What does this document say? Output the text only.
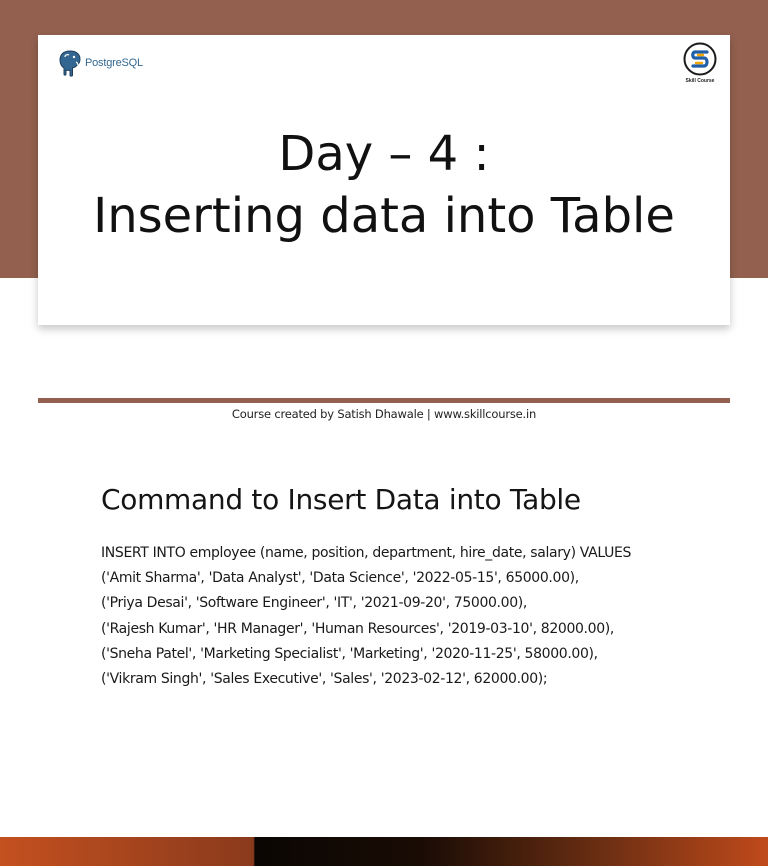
PostgreSQL
Skill Course
Day – 4 :
Inserting data into Table
Course created by Satish Dhawale | www.skillcourse.in
Command to Insert Data into Table
INSERT INTO employee (name, position, department, hire_date, salary) VALUES
('Amit Sharma', 'Data Analyst', 'Data Science', '2022-05-15', 65000.00),
('Priya Desai', 'Software Engineer', 'IT', '2021-09-20', 75000.00),
('Rajesh Kumar', 'HR Manager', 'Human Resources', '2019-03-10', 82000.00),
('Sneha Patel', 'Marketing Specialist', 'Marketing', '2020-11-25', 58000.00),
('Vikram Singh', 'Sales Executive', 'Sales', '2023-02-12', 62000.00);
